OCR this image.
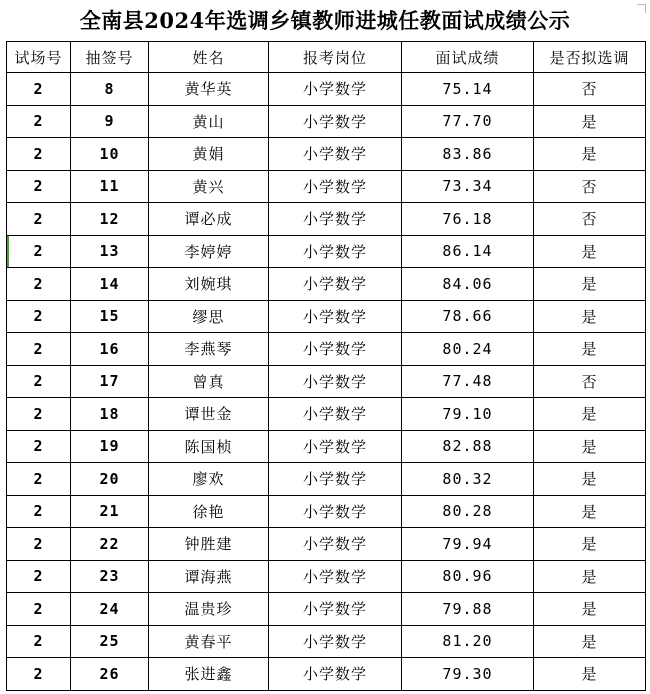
全南县2024年选调乡镇教师进城任教面试成绩公示
试场号	抽签号	姓名	报考岗位	面试成绩	是否拟选调
2	8	黄华英	小学数学	75.14	否
2	9	黄山	小学数学	77.70	是
2	10	黄娟	小学数学	83.86	是
2	11	黄兴	小学数学	73.34	否
2	12	谭必成	小学数学	76.18	否
2	13	李婷婷	小学数学	86.14	是
2	14	刘婉琪	小学数学	84.06	是
2	15	缪思	小学数学	78.66	是
2	16	李燕琴	小学数学	80.24	是
2	17	曾真	小学数学	77.48	否
2	18	谭世金	小学数学	79.10	是
2	19	陈国桢	小学数学	82.88	是
2	20	廖欢	小学数学	80.32	是
2	21	徐艳	小学数学	80.28	是
2	22	钟胜建	小学数学	79.94	是
2	23	谭海燕	小学数学	80.96	是
2	24	温贵珍	小学数学	79.88	是
2	25	黄春平	小学数学	81.20	是
2	26	张进鑫	小学数学	79.30	是
